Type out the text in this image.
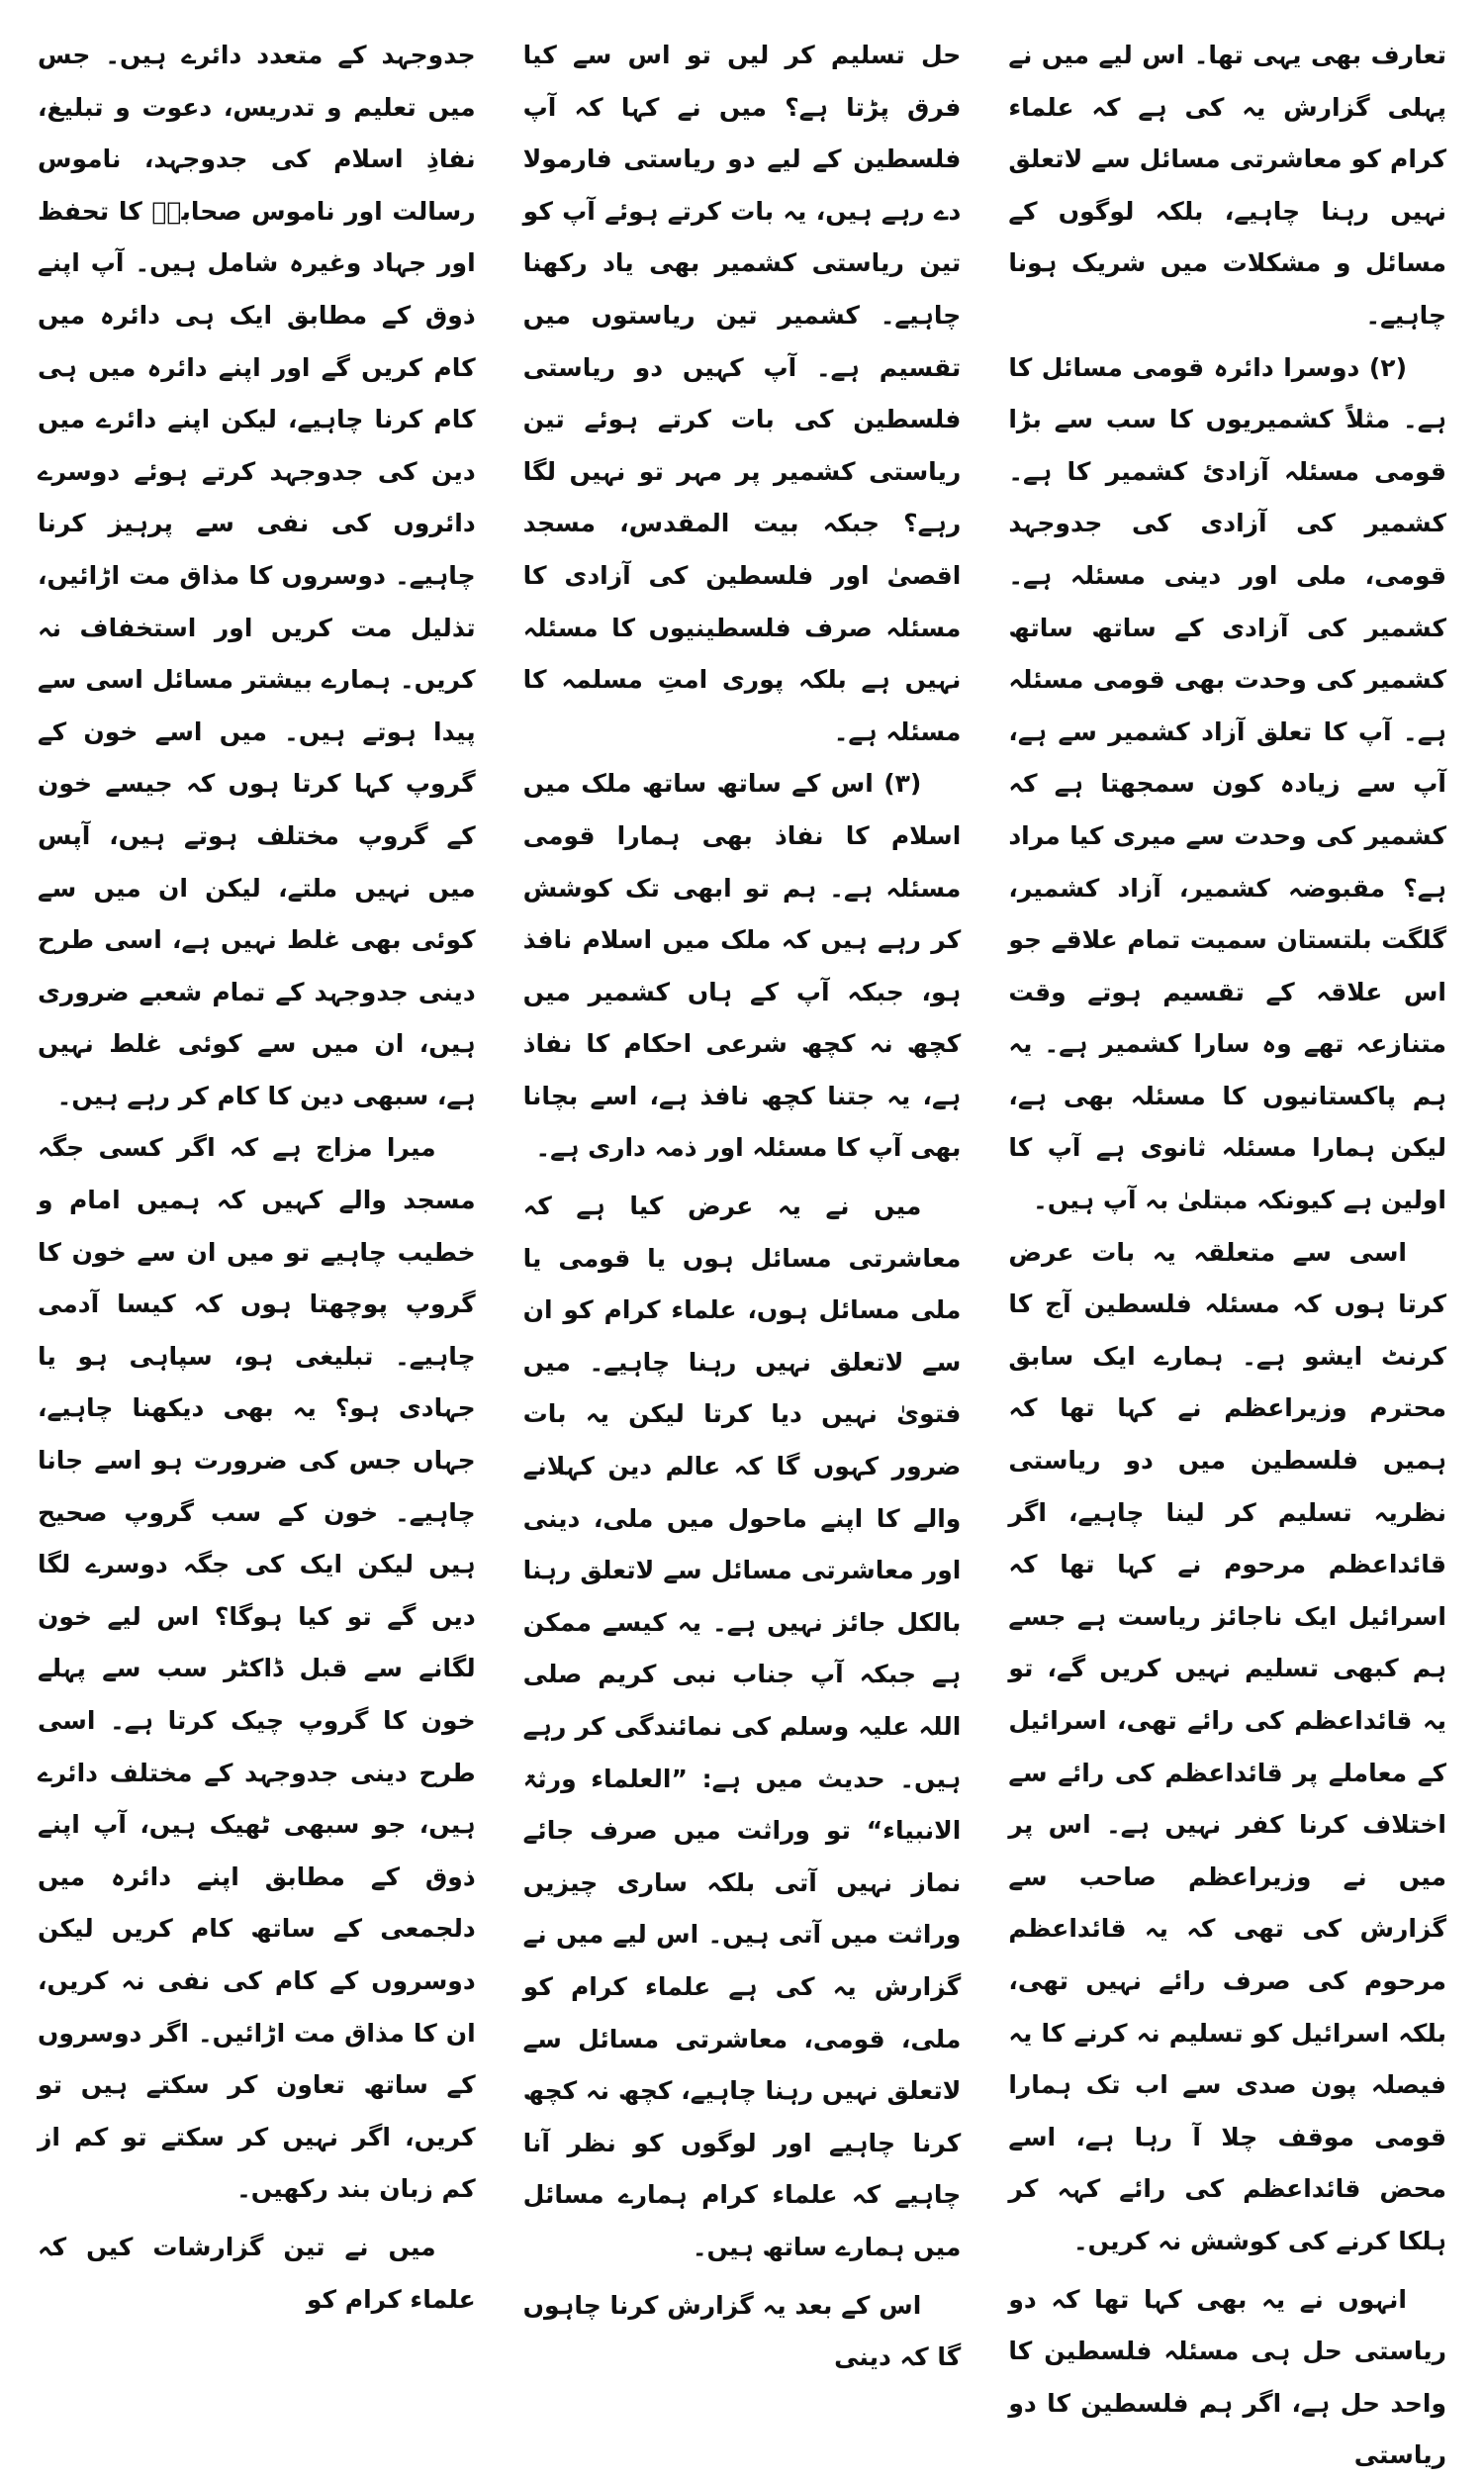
تعارف بھی یہی تھا۔ اس لیے میں نے پہلی گزارش یہ کی ہے کہ علماء کرام کو معاشرتی مسائل سے لاتعلق نہیں رہنا چاہیے، بلکہ لوگوں کے مسائل و مشکلات میں شریک ہونا چاہیے۔

(۲) دوسرا دائرہ قومی مسائل کا ہے۔ مثلاً کشمیریوں کا سب سے بڑا قومی مسئلہ آزادیٔ کشمیر کا ہے۔ کشمیر کی آزادی کی جدوجہد قومی، ملی اور دینی مسئلہ ہے۔ کشمیر کی آزادی کے ساتھ ساتھ کشمیر کی وحدت بھی قومی مسئلہ ہے۔ آپ کا تعلق آزاد کشمیر سے ہے، آپ سے زیادہ کون سمجھتا ہے کہ کشمیر کی وحدت سے میری کیا مراد ہے؟ مقبوضہ کشمیر، آزاد کشمیر، گلگت بلتستان سمیت تمام علاقے جو اس علاقہ کے تقسیم ہوتے وقت متنازعہ تھے وہ سارا کشمیر ہے۔ یہ ہم پاکستانیوں کا مسئلہ بھی ہے، لیکن ہمارا مسئلہ ثانوی ہے آپ کا اولین ہے کیونکہ مبتلیٰ بہ آپ ہیں۔

اسی سے متعلقہ یہ بات عرض کرتا ہوں کہ مسئلہ فلسطین آج کا کرنٹ ایشو ہے۔ ہمارے ایک سابق محترم وزیراعظم نے کہا تھا کہ ہمیں فلسطین میں دو ریاستی نظریہ تسلیم کر لینا چاہیے، اگر قائداعظم مرحوم نے کہا تھا کہ اسرائیل ایک ناجائز ریاست ہے جسے ہم کبھی تسلیم نہیں کریں گے، تو یہ قائداعظم کی رائے تھی، اسرائیل کے معاملے پر قائداعظم کی رائے سے اختلاف کرنا کفر نہیں ہے۔ اس پر میں نے وزیراعظم صاحب سے گزارش کی تھی کہ یہ قائداعظم مرحوم کی صرف رائے نہیں تھی، بلکہ اسرائیل کو تسلیم نہ کرنے کا یہ فیصلہ پون صدی سے اب تک ہمارا قومی موقف چلا آ رہا ہے، اسے محض قائداعظم کی رائے کہہ کر ہلکا کرنے کی کوشش نہ کریں۔

انہوں نے یہ بھی کہا تھا کہ دو ریاستی حل ہی مسئلہ فلسطین کا واحد حل ہے، اگر ہم فلسطین کا دو ریاستی

حل تسلیم کر لیں تو اس سے کیا فرق پڑتا ہے؟ میں نے کہا کہ آپ فلسطین کے لیے دو ریاستی فارمولا دے رہے ہیں، یہ بات کرتے ہوئے آپ کو تین ریاستی کشمیر بھی یاد رکھنا چاہیے۔ کشمیر تین ریاستوں میں تقسیم ہے۔ آپ کہیں دو ریاستی فلسطین کی بات کرتے ہوئے تین ریاستی کشمیر پر مہر تو نہیں لگا رہے؟ جبکہ بیت المقدس، مسجد اقصیٰ اور فلسطین کی آزادی کا مسئلہ صرف فلسطینیوں کا مسئلہ نہیں ہے بلکہ پوری امتِ مسلمہ کا مسئلہ ہے۔

(۳) اس کے ساتھ ساتھ ملک میں اسلام کا نفاذ بھی ہمارا قومی مسئلہ ہے۔ ہم تو ابھی تک کوشش کر رہے ہیں کہ ملک میں اسلام نافذ ہو، جبکہ آپ کے ہاں کشمیر میں کچھ نہ کچھ شرعی احکام کا نفاذ ہے، یہ جتنا کچھ نافذ ہے، اسے بچانا بھی آپ کا مسئلہ اور ذمہ داری ہے۔

میں نے یہ عرض کیا ہے کہ معاشرتی مسائل ہوں یا قومی یا ملی مسائل ہوں، علماء کرام کو ان سے لاتعلق نہیں رہنا چاہیے۔ میں فتویٰ نہیں دیا کرتا لیکن یہ بات ضرور کہوں گا کہ عالم دین کہلانے والے کا اپنے ماحول میں ملی، دینی اور معاشرتی مسائل سے لاتعلق رہنا بالکل جائز نہیں ہے۔ یہ کیسے ممکن ہے جبکہ آپ جناب نبی کریم صلی اللہ علیہ وسلم کی نمائندگی کر رہے ہیں۔ حدیث میں ہے: ”العلماء ورثۃ الانبیاء“ تو وراثت میں صرف جائے نماز نہیں آتی بلکہ ساری چیزیں وراثت میں آتی ہیں۔ اس لیے میں نے گزارش یہ کی ہے علماء کرام کو ملی، قومی، معاشرتی مسائل سے لاتعلق نہیں رہنا چاہیے، کچھ نہ کچھ کرنا چاہیے اور لوگوں کو نظر آنا چاہیے کہ علماء کرام ہمارے مسائل میں ہمارے ساتھ ہیں۔

اس کے بعد یہ گزارش کرنا چاہوں گا کہ دینی

جدوجہد کے متعدد دائرے ہیں۔ جس میں تعلیم و تدریس، دعوت و تبلیغ، نفاذِ اسلام کی جدوجہد، ناموس رسالت اور ناموس صحابہؓ کا تحفظ اور جہاد وغیرہ شامل ہیں۔ آپ اپنے ذوق کے مطابق ایک ہی دائرہ میں کام کریں گے اور اپنے دائرہ میں ہی کام کرنا چاہیے، لیکن اپنے دائرے میں دین کی جدوجہد کرتے ہوئے دوسرے دائروں کی نفی سے پرہیز کرنا چاہیے۔ دوسروں کا مذاق مت اڑائیں، تذلیل مت کریں اور استخفاف نہ کریں۔ ہمارے بیشتر مسائل اسی سے پیدا ہوتے ہیں۔ میں اسے خون کے گروپ کہا کرتا ہوں کہ جیسے خون کے گروپ مختلف ہوتے ہیں، آپس میں نہیں ملتے، لیکن ان میں سے کوئی بھی غلط نہیں ہے، اسی طرح دینی جدوجہد کے تمام شعبے ضروری ہیں، ان میں سے کوئی غلط نہیں ہے، سبھی دین کا کام کر رہے ہیں۔

میرا مزاج ہے کہ اگر کسی جگہ مسجد والے کہیں کہ ہمیں امام و خطیب چاہیے تو میں ان سے خون کا گروپ پوچھتا ہوں کہ کیسا آدمی چاہیے۔ تبلیغی ہو، سپاہی ہو یا جہادی ہو؟ یہ بھی دیکھنا چاہیے، جہاں جس کی ضرورت ہو اسے جانا چاہیے۔ خون کے سب گروپ صحیح ہیں لیکن ایک کی جگہ دوسرے لگا دیں گے تو کیا ہوگا؟ اس لیے خون لگانے سے قبل ڈاکٹر سب سے پہلے خون کا گروپ چیک کرتا ہے۔ اسی طرح دینی جدوجہد کے مختلف دائرے ہیں، جو سبھی ٹھیک ہیں، آپ اپنے ذوق کے مطابق اپنے دائرہ میں دلجمعی کے ساتھ کام کریں لیکن دوسروں کے کام کی نفی نہ کریں، ان کا مذاق مت اڑائیں۔ اگر دوسروں کے ساتھ تعاون کر سکتے ہیں تو کریں، اگر نہیں کر سکتے تو کم از کم زبان بند رکھیں۔

میں نے تین گزارشات کیں کہ علماء کرام کو
